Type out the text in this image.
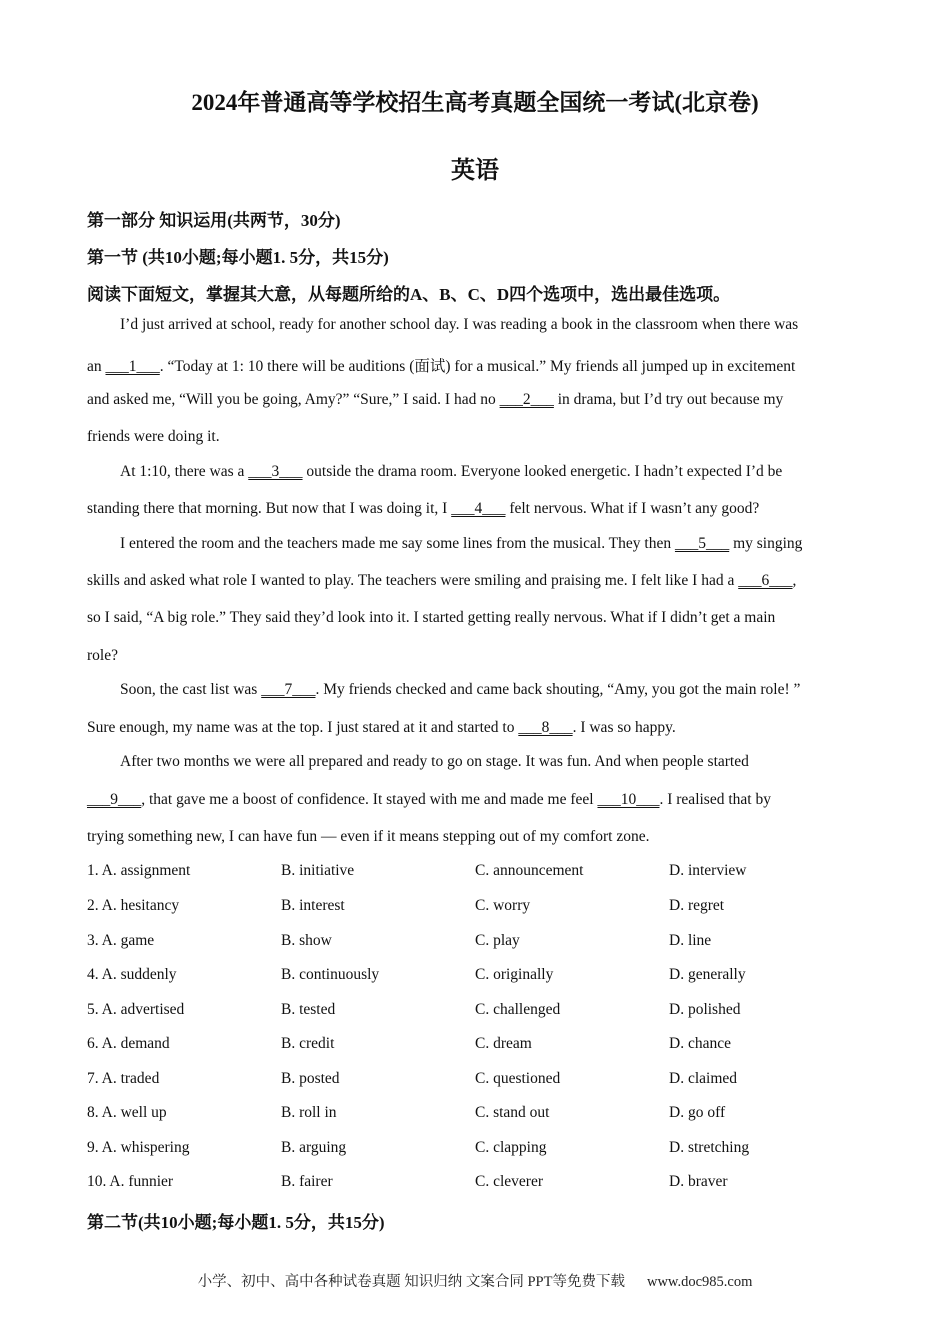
2024年普通高等学校招生高考真题全国统一考试(北京卷)
英语
第一部分 知识运用(共两节，30分)
第一节 (共10小题;每小题1. 5分，共15分)
阅读下面短文，掌握其大意，从每题所给的A、B、C、D四个选项中，选出最佳选项。
I’d just arrived at school, ready for another school day. I was reading a book in the classroom when there was
an ___1___. “Today at 1: 10 there will be auditions (面试) for a musical.” My friends all jumped up in excitement
and asked me, “Will you be going, Amy?” “Sure,” I said. I had no ___2___ in drama, but I’d try out because my
friends were doing it.
At 1:10, there was a ___3___ outside the drama room. Everyone looked energetic. I hadn’t expected I’d be
standing there that morning. But now that I was doing it, I ___4___ felt nervous. What if I wasn’t any good?
I entered the room and the teachers made me say some lines from the musical. They then ___5___ my singing
skills and asked what role I wanted to play. The teachers were smiling and praising me. I felt like I had a ___6___,
so I said, “A big role.” They said they’d look into it. I started getting really nervous. What if I didn’t get a main
role?
Soon, the cast list was ___7___. My friends checked and came back shouting, “Amy, you got the main role! ”
Sure enough, my name was at the top. I just stared at it and started to ___8___. I was so happy.
After two months we were all prepared and ready to go on stage. It was fun. And when people started
___9___, that gave me a boost of confidence. It stayed with me and made me feel ___10___. I realised that by
trying something new, I can have fun — even if it means stepping out of my comfort zone.
1. A. assignment	B. initiative	C. announcement	D. interview
2. A. hesitancy	B. interest	C. worry	D. regret
3. A. game	B. show	C. play	D. line
4. A. suddenly	B. continuously	C. originally	D. generally
5. A. advertised	B. tested	C. challenged	D. polished
6. A. demand	B. credit	C. dream	D. chance
7. A. traded	B. posted	C. questioned	D. claimed
8. A. well up	B. roll in	C. stand out	D. go off
9. A. whispering	B. arguing	C. clapping	D. stretching
10. A. funnier	B. fairer	C. cleverer	D. braver
第二节(共10小题;每小题1. 5分，共15分)
小学、初中、高中各种试卷真题 知识归纳 文案合同 PPT等免费下载 www.doc985.com
